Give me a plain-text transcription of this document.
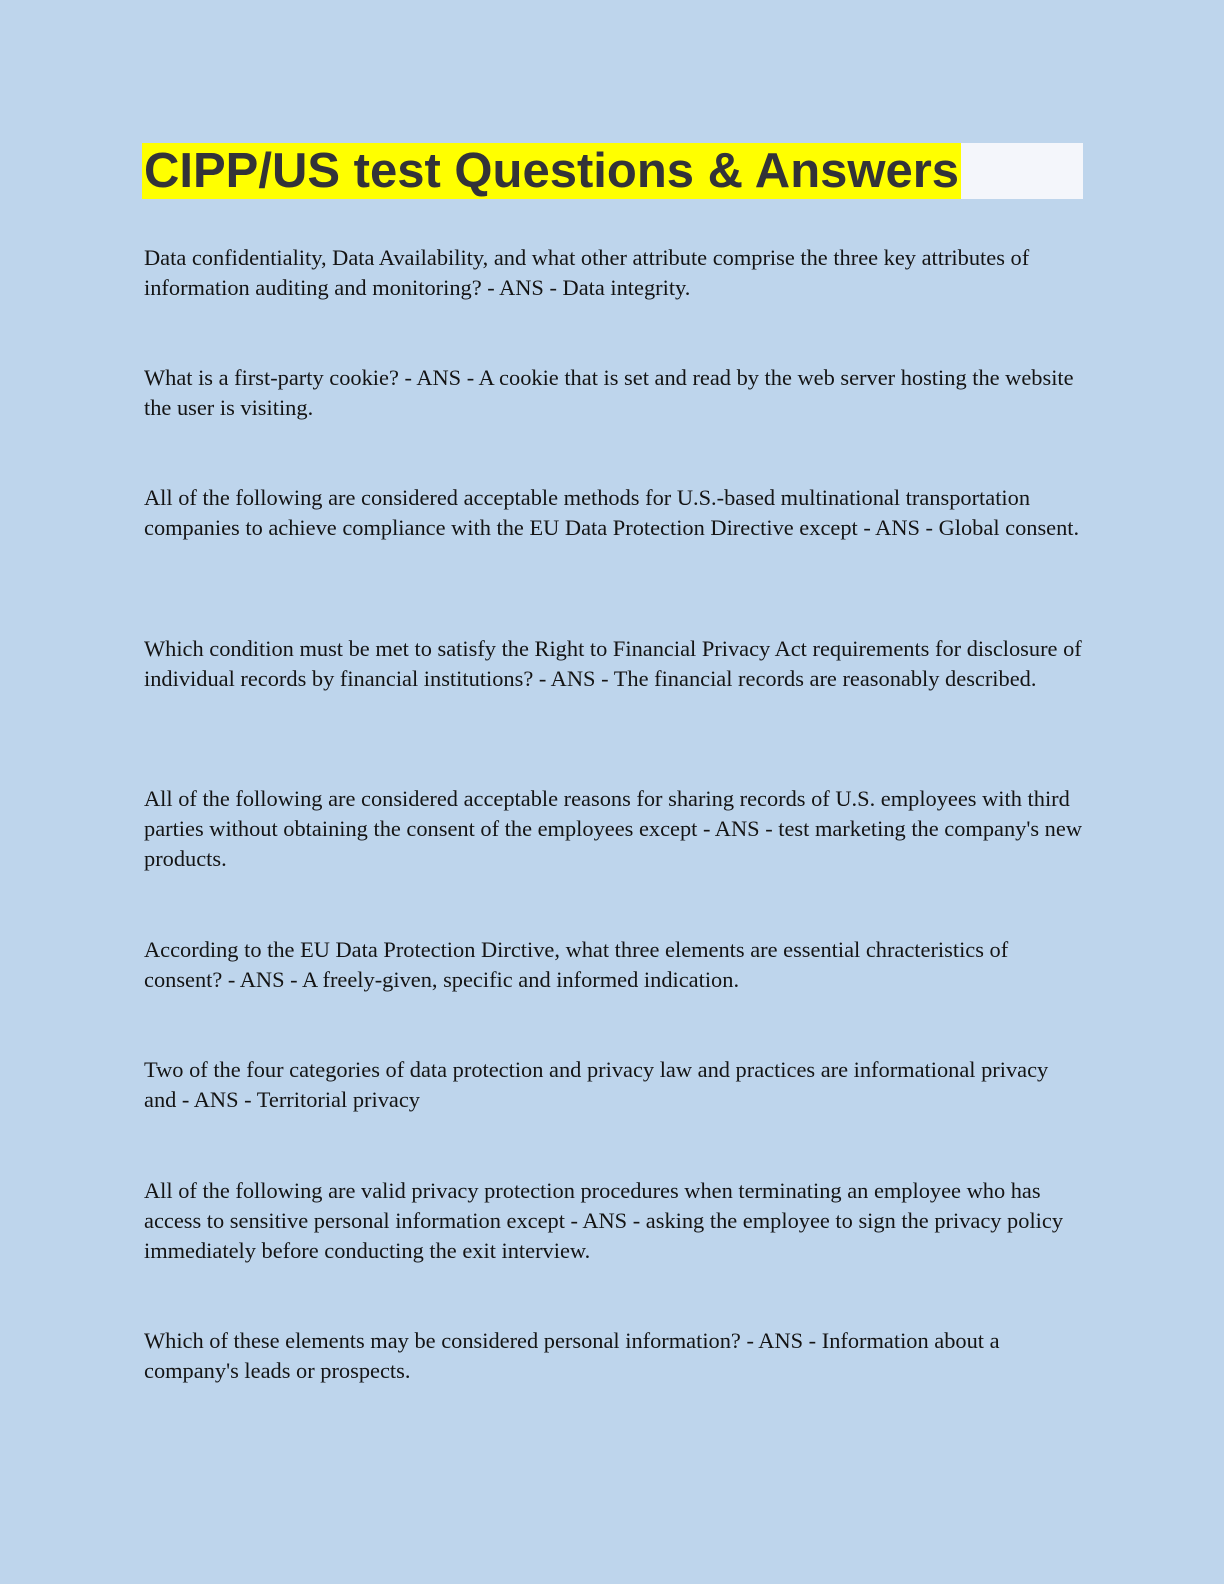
CIPP/US test Questions & Answers

Data confidentiality, Data Availability, and what other attribute comprise the three key attributes of information auditing and monitoring? - ANS - Data integrity.

What is a first-party cookie? - ANS - A cookie that is set and read by the web server hosting the website the user is visiting.

All of the following are considered acceptable methods for U.S.-based multinational transportation companies to achieve compliance with the EU Data Protection Directive except - ANS - Global consent.

Which condition must be met to satisfy the Right to Financial Privacy Act requirements for disclosure of individual records by financial institutions? - ANS - The financial records are reasonably described.

All of the following are considered acceptable reasons for sharing records of U.S. employees with third parties without obtaining the consent of the employees except - ANS - test marketing the company's new products.

According to the EU Data Protection Dirctive, what three elements are essential chracteristics of consent? - ANS - A freely-given, specific and informed indication.

Two of the four categories of data protection and privacy law and practices are informational privacy and - ANS - Territorial privacy

All of the following are valid privacy protection procedures when terminating an employee who has access to sensitive personal information except - ANS - asking the employee to sign the privacy policy immediately before conducting the exit interview.

Which of these elements may be considered personal information? - ANS - Information about a company's leads or prospects.
